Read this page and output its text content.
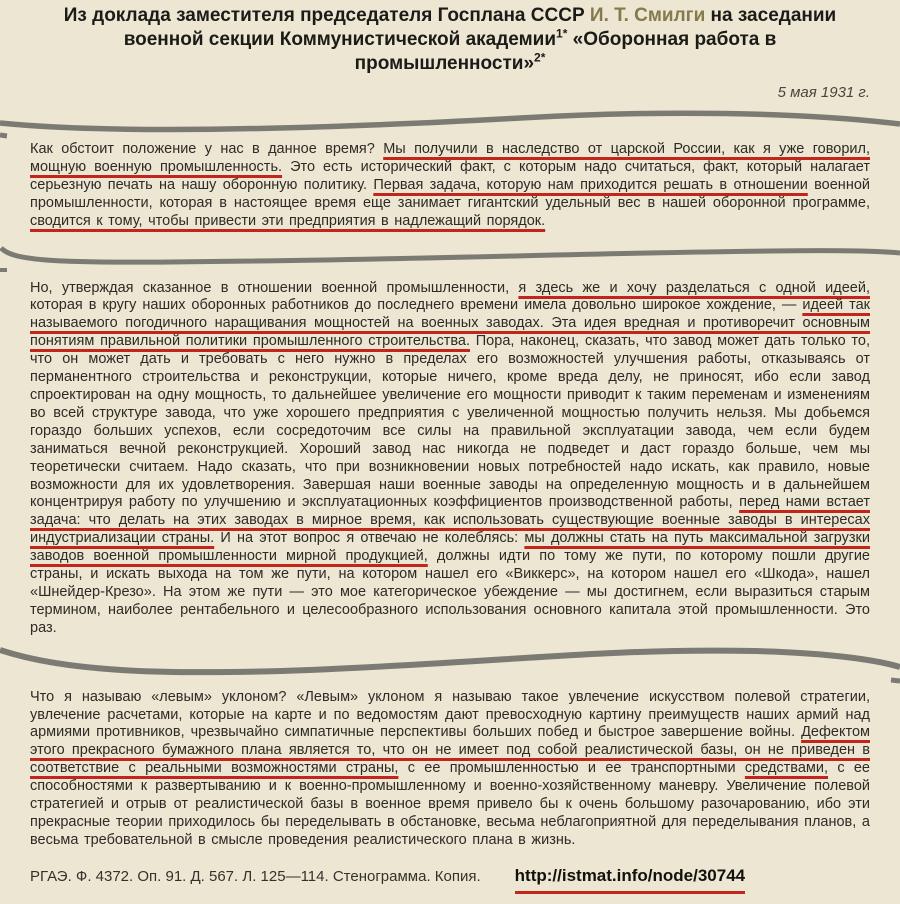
Из доклада заместителя председателя Госплана СССР И. Т. Смилги на заседании военной секции Коммунистической академии$^{1*}$ «Оборонная работа в промышленности»$^{2*}$
5 мая 1931 г.

Как обстоит положение у нас в данное время? Мы получили в наследство от царской России, как я уже говорил, мощную военную промышленность. Это есть исторический факт, с которым надо считаться, факт, который налагает серьезную печать на нашу оборонную политику. Первая задача, которую нам приходится решать в отношении военной промышленности, которая в настоящее время еще занимает гигантский удельный вес в нашей оборонной программе, сводится к тому, чтобы привести эти предприятия в надлежащий порядок.

Но, утверждая сказанное в отношении военной промышленности, я здесь же и хочу разделаться с одной идеей, которая в кругу наших оборонных работников до последнего времени имела довольно широкое хождение, — идеей так называемого погодичного наращивания мощностей на военных заводах. Эта идея вредная и противоречит основным понятиям правильной политики промышленного строительства. Пора, наконец, сказать, что завод может дать только то, что он может дать и требовать с него нужно в пределах его возможностей улучшения работы, отказываясь от перманентного строительства и реконструкции, которые ничего, кроме вреда делу, не приносят, ибо если завод спроектирован на одну мощность, то дальнейшее увеличение его мощности приводит к таким переменам и изменениям во всей структуре завода, что уже хорошего предприятия с увеличенной мощностью получить нельзя. Мы добьемся гораздо больших успехов, если сосредоточим все силы на правильной эксплуатации завода, чем если будем заниматься вечной реконструкцией. Хороший завод нас никогда не подведет и даст гораздо больше, чем мы теоретически считаем. Надо сказать, что при возникновении новых потребностей надо искать, как правило, новые возможности для их удовлетворения. Завершая наши военные заводы на определенную мощность и в дальнейшем концентрируя работу по улучшению и эксплуатационных коэффициентов производственной работы, перед нами встает задача: что делать на этих заводах в мирное время, как использовать существующие военные заводы в интересах индустриализации страны. И на этот вопрос я отвечаю не колеблясь: мы должны стать на путь максимальной загрузки заводов военной промышленности мирной продукцией, должны идти по тому же пути, по которому пошли другие страны, и искать выхода на том же пути, на котором нашел его «Виккерс», на котором нашел его «Шкода», нашел «Шнейдер-Крезо». На этом же пути — это мое категорическое убеждение — мы достигнем, если выразиться старым термином, наиболее рентабельного и целесообразного использования основного капитала этой промышленности. Это раз.

Что я называю «левым» уклоном? «Левым» уклоном я называю такое увлечение искусством полевой стратегии, увлечение расчетами, которые на карте и по ведомостям дают превосходную картину преимуществ наших армий над армиями противников, чрезвычайно симпатичные перспективы больших побед и быстрое завершение войны. Дефектом этого прекрасного бумажного плана является то, что он не имеет под собой реалистической базы, он не приведен в соответствие с реальными возможностями страны, с ее промышленностью и ее транспортными средствами, с ее способностями к развертыванию и к военно-промышленному и военно-хозяйственному маневру. Увеличение полевой стратегией и отрыв от реалистической базы в военное время привело бы к очень большому разочарованию, ибо эти прекрасные теории приходилось бы переделывать в обстановке, весьма неблагоприятной для переделывания планов, а весьма требовательной в смысле проведения реалистического плана в жизнь.

РГАЭ. Ф. 4372. Оп. 91. Д. 567. Л. 125—114. Стенограмма. Копия. http://istmat.info/node/30744
